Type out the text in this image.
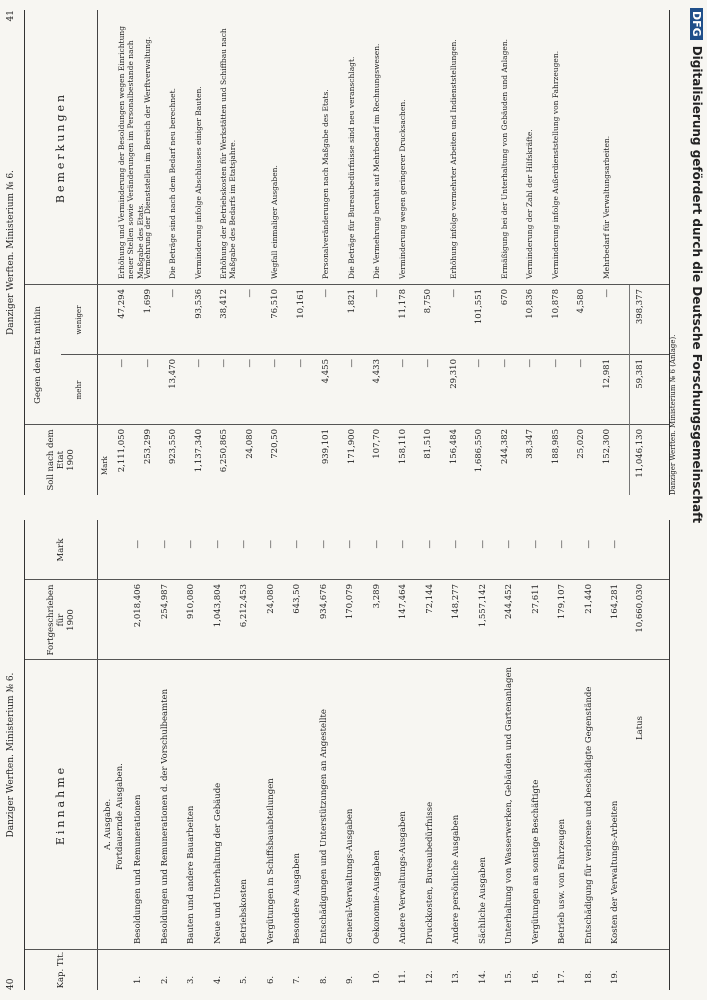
40
Danziger Werften. Ministerium № 6.
Kap. Tit.
Einnahme
Fortgeschrieben für 1900
Mark
A. Ausgabe. Fortdauernde Ausgaben.
1.
Besoldungen und Remunerationen
2,018,406
—
2.
Besoldungen und Remunerationen d. der Vorschulbeamten
254,987
—
3.
Bauten und andere Bauarbeiten
910,080
—
4.
Neue und Unterhaltung der Gebäude
1,043,804
—
5.
Betriebskosten
6,212,453
—
6.
Vergütungen in Schiffsbauabteilungen
24,080
—
7.
Besondere Ausgaben
643,50
—
8.
Entschädigungen und Unterstützungen an Angestellte
934,676
—
9.
General-Verwaltungs-Ausgaben
170,079
—
10.
Oekonomie-Ausgaben
3,289
—
11.
Andere Verwaltungs-Ausgaben
147,464
—
12.
Druckkosten, Bureaubedürfnisse
72,144
—
13.
Andere persönliche Ausgaben
148,277
—
14.
Sächliche Ausgaben
1,557,142
—
15.
Unterhaltung von Wasserwerken, Gebäuden und Gartenanlagen
244,452
—
16.
Vergütungen an sonstige Beschäftigte
27,611
—
17.
Betrieb usw. von Fahrzeugen
179,107
—
18.
Entschädigung für verlorene und beschädigte Gegenstände
21,440
—
19.
Kosten der Verwaltungs-Arbeiten
164,281
—
Latus
10,660,030
Danziger Werften. Ministerium № 6.
41
Soll nach dem Etat 1900
Gegen den Etat mithin	mehr
weniger
Bemerkungen
Mark 2,111,050
—
47,294
Erhöhung und Verminderung der Besoldungen wegen Einrichtung neuer Stellen sowie Veränderungen im Personalbestande nach Maßgabe des Etats.
253,299
—
1,699
Vermehrung der Dienststellen im Bereich der Werftverwaltung.
923,550
13,470
—
Die Beträge sind nach dem Bedarf neu berechnet.
1,137,340
—
93,536
Verminderung infolge Abschlusses einiger Bauten.
6,250,865
—
38,412
Erhöhung der Betriebskosten für Werkstätten und Schiffbau nach Maßgabe des Bedarfs im Etatsjahre.
24,080
—
—
720,50
—
76,510
Wegfall einmaliger Ausgaben.
—
10,161
939,101
4,455
—
Personalveränderungen nach Maßgabe des Etats.
171,900
—
1,821
Die Beträge für Bureaubedürfnisse sind neu veranschlagt.
107,70
4,433
—
Die Vermehrung beruht auf Mehrbedarf im Rechnungswesen.
158,110
—
11,178
Verminderung wegen geringerer Drucksachen.
81,510
—
8,750
156,484
29,310
—
Erhöhung infolge vermehrter Arbeiten und Indienststellungen.
1,686,550
—
101,551
244,382
—
670
Ermäßigung bei der Unterhaltung von Gebäuden und Anlagen.
38,347
—
10,836
Verminderung der Zahl der Hilfskräfte.
188,985
—
10,878
Verminderung infolge Außerdienststellung von Fahrzeugen.
25,020
—
4,580
152,300
12,981
—
Mehrbedarf für Verwaltungsarbeiten.
11,046,130
59,381
398,377
Danziger Werften. Ministerium № 6 (Anlage).
DFGDigitalisierung gefördert durch die Deutsche Forschungsgemeinschaft
